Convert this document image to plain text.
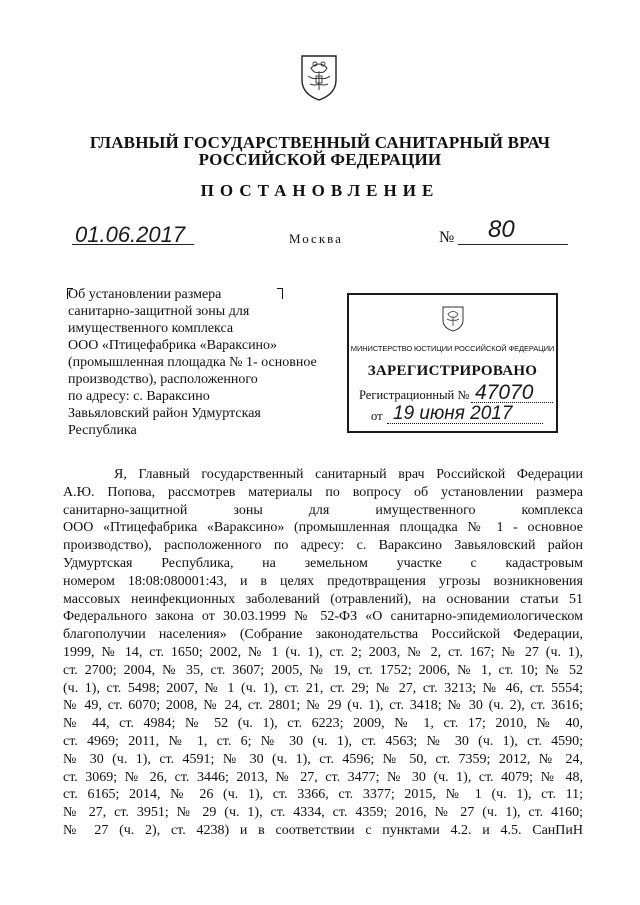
ГЛАВНЫЙ ГОСУДАРСТВЕННЫЙ САНИТАРНЫЙ ВРАЧ
РОССИЙСКОЙ ФЕДЕРАЦИИ
ПОСТАНОВЛЕНИЕ
01.06.2017	Москва	№ 80
Об установлении размера
санитарно-защитной зоны для
имущественного комплекса
ООО «Птицефабрика «Вараксино»
(промышленная площадка № 1- основное
производство), расположенного
по адресу: с. Вараксино
Завьяловский район Удмуртская
Республика
МИНИСТЕРСТВО ЮСТИЦИИ РОССИЙСКОЙ ФЕДЕРАЦИИ
ЗАРЕГИСТРИРОВАНО
Регистрационный № 47070
от 19 июня 2017
Я, Главный государственный санитарный врач Российской Федерации
А.Ю. Попова, рассмотрев материалы по вопросу об установлении размера
санитарно-защитной зоны для имущественного комплекса
ООО «Птицефабрика «Вараксино» (промышленная площадка № 1 - основное
производство), расположенного по адресу: с. Вараксино Завьяловский район
Удмуртская Республика, на земельном участке с кадастровым
номером 18:08:080001:43, и в целях предотвращения угрозы возникновения
массовых неинфекционных заболеваний (отравлений), на основании статьи 51
Федерального закона от 30.03.1999 № 52-ФЗ «О санитарно-эпидемиологическом
благополучии населения» (Собрание законодательства Российской Федерации,
1999, № 14, ст. 1650; 2002, № 1 (ч. 1), ст. 2; 2003, № 2, ст. 167; № 27 (ч. 1),
ст. 2700; 2004, № 35, ст. 3607; 2005, № 19, ст. 1752; 2006, № 1, ст. 10; № 52
(ч. 1), ст. 5498; 2007, № 1 (ч. 1), ст. 21, ст. 29; № 27, ст. 3213; № 46, ст. 5554;
№ 49, ст. 6070; 2008, № 24, ст. 2801; № 29 (ч. 1), ст. 3418; № 30 (ч. 2), ст. 3616;
№ 44, ст. 4984; № 52 (ч. 1), ст. 6223; 2009, № 1, ст. 17; 2010, № 40,
ст. 4969; 2011, № 1, ст. 6; № 30 (ч. 1), ст. 4563; № 30 (ч. 1), ст. 4590;
№ 30 (ч. 1), ст. 4591; № 30 (ч. 1), ст. 4596; № 50, ст. 7359; 2012, № 24,
ст. 3069; № 26, ст. 3446; 2013, № 27, ст. 3477; № 30 (ч. 1), ст. 4079; № 48,
ст. 6165; 2014, № 26 (ч. 1), ст. 3366, ст. 3377; 2015, № 1 (ч. 1), ст. 11;
№ 27, ст. 3951; № 29 (ч. 1), ст. 4334, ст. 4359; 2016, № 27 (ч. 1), ст. 4160;
№ 27 (ч. 2), ст. 4238) и в соответствии с пунктами 4.2. и 4.5. СанПиН
